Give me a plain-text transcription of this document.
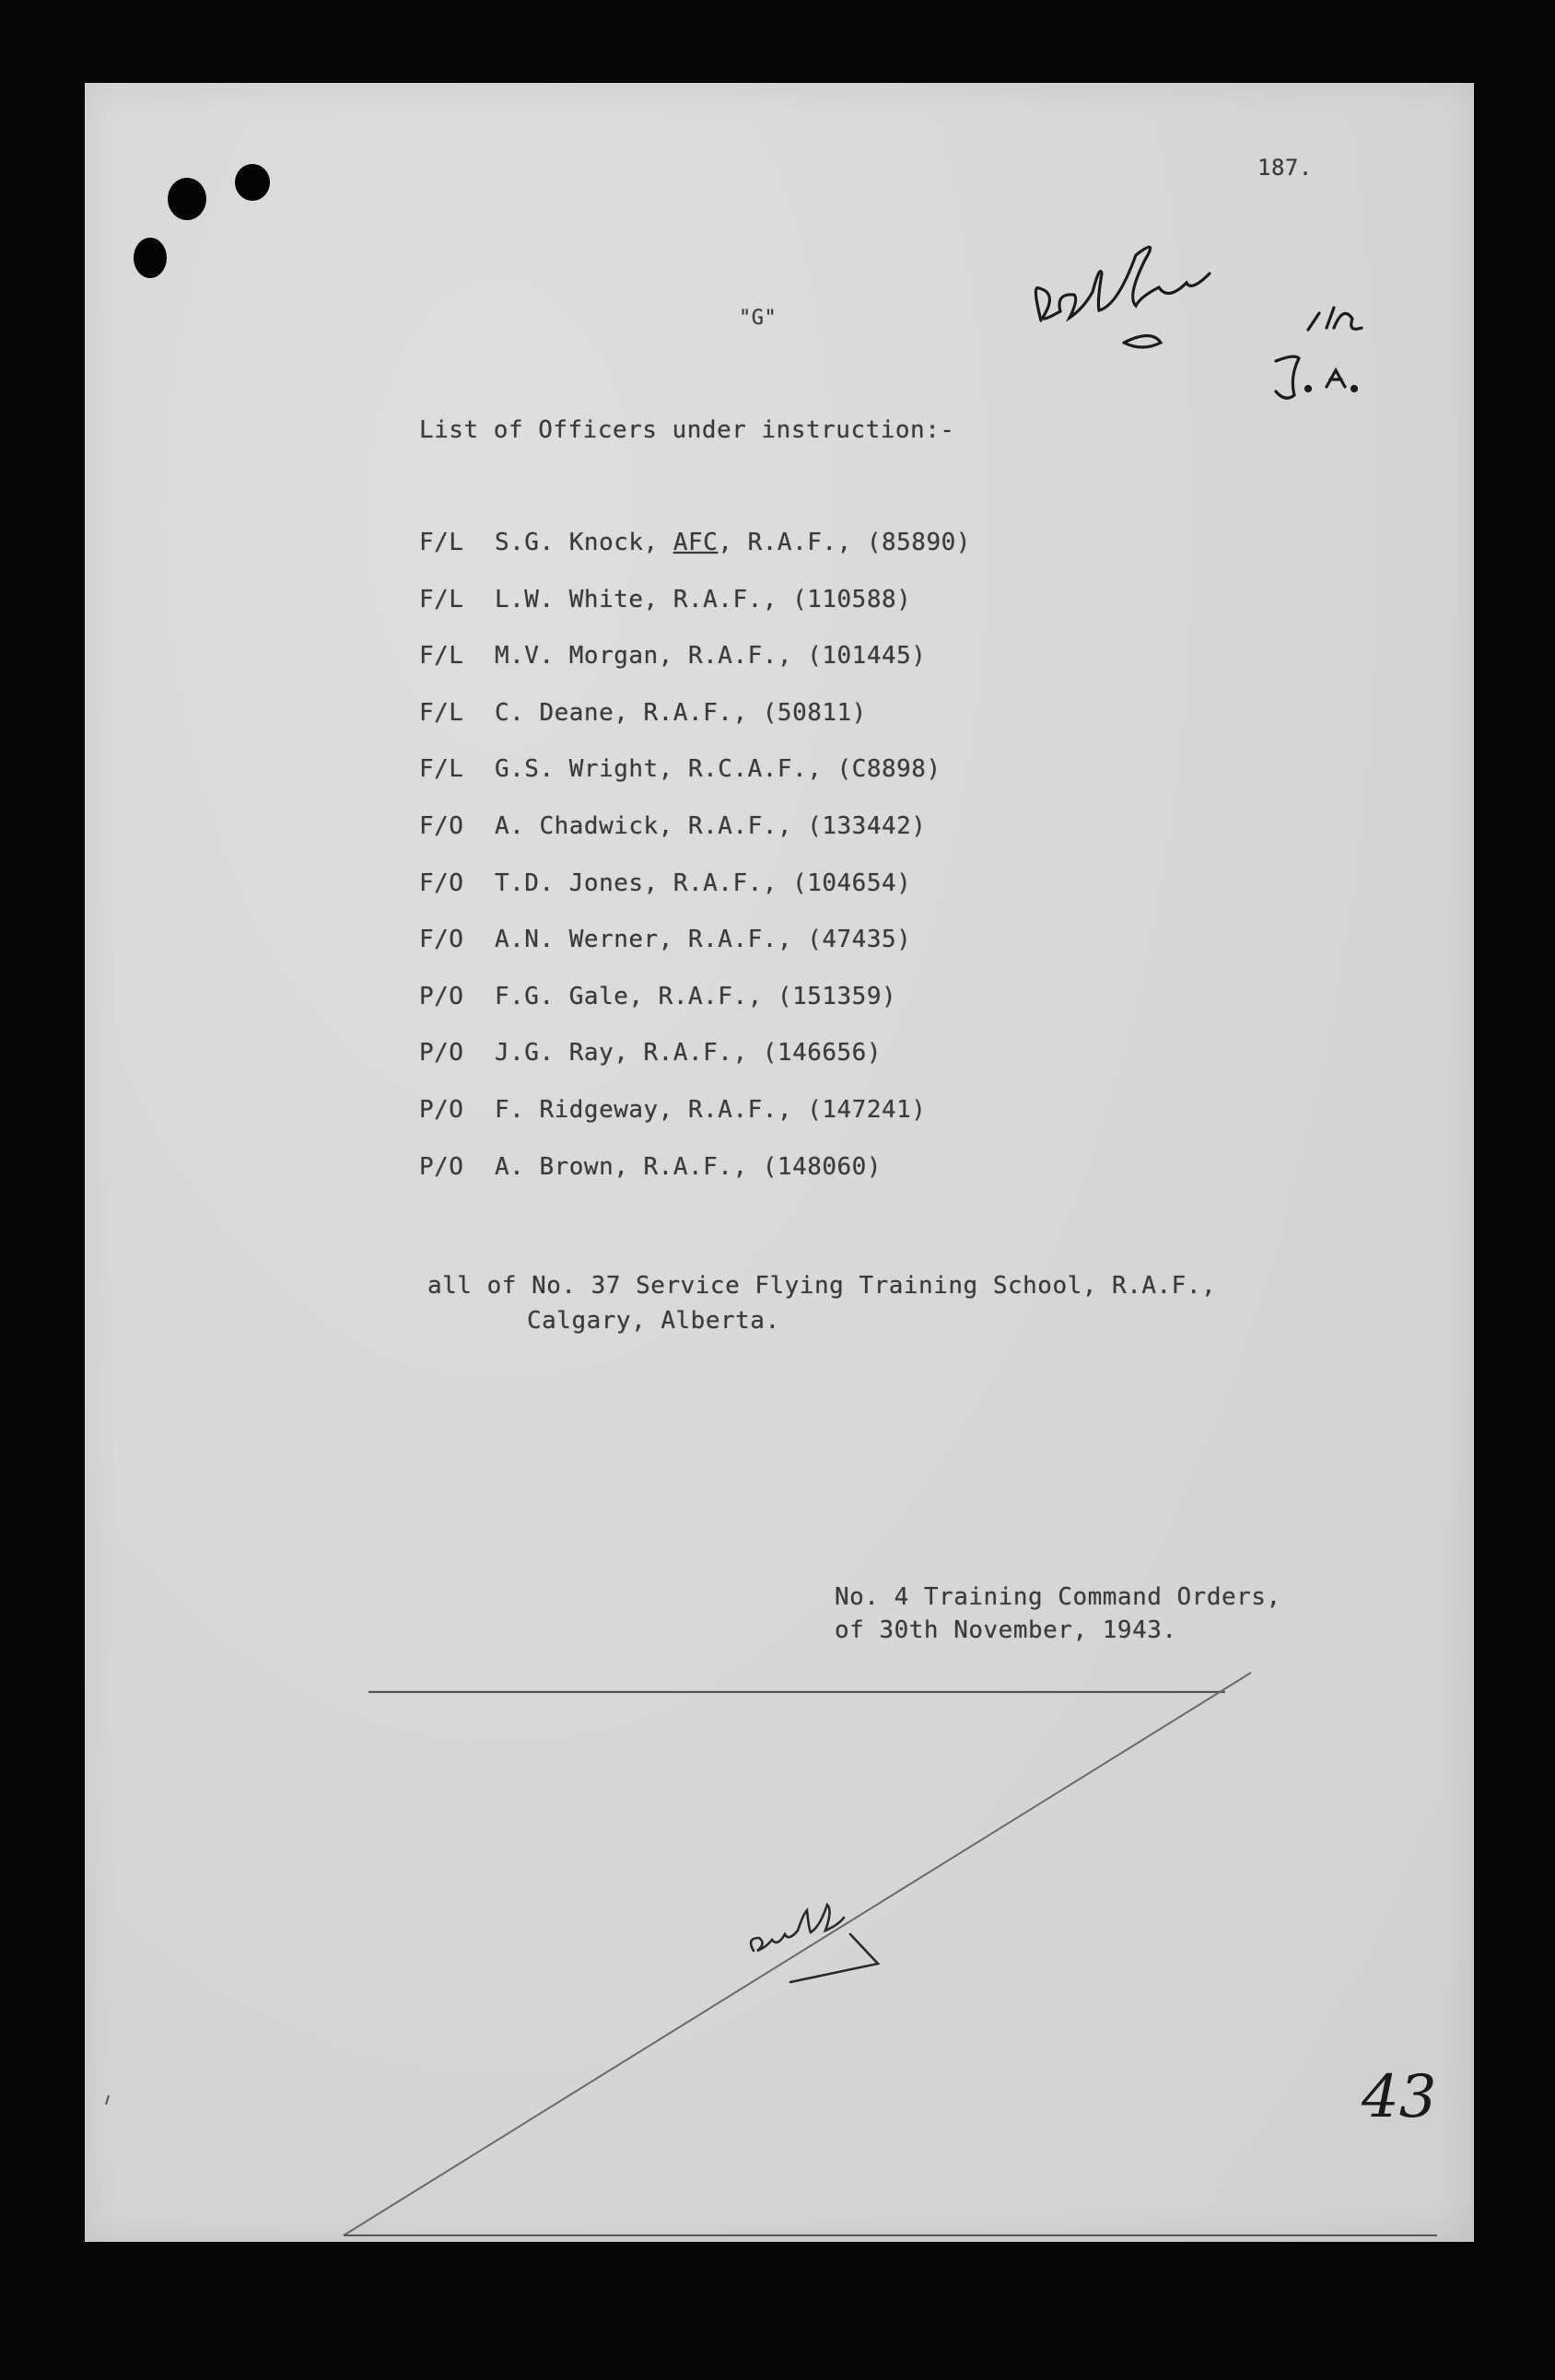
187.
"G"
List of Officers under instruction:-
F/L S.G. Knock, AFC, R.A.F., (85890)
F/L L.W. White, R.A.F., (110588)
F/L M.V. Morgan, R.A.F., (101445)
F/L C. Deane, R.A.F., (50811)
F/L G.S. Wright, R.C.A.F., (C8898)
F/O A. Chadwick, R.A.F., (133442)
F/O T.D. Jones, R.A.F., (104654)
F/O A.N. Werner, R.A.F., (47435)
P/O F.G. Gale, R.A.F., (151359)
P/O J.G. Ray, R.A.F., (146656)
P/O F. Ridgeway, R.A.F., (147241)
P/O A. Brown, R.A.F., (148060)
all of No. 37 Service Flying Training School, R.A.F.,
Calgary, Alberta.
No. 4 Training Command Orders,
of 30th November, 1943.
43
